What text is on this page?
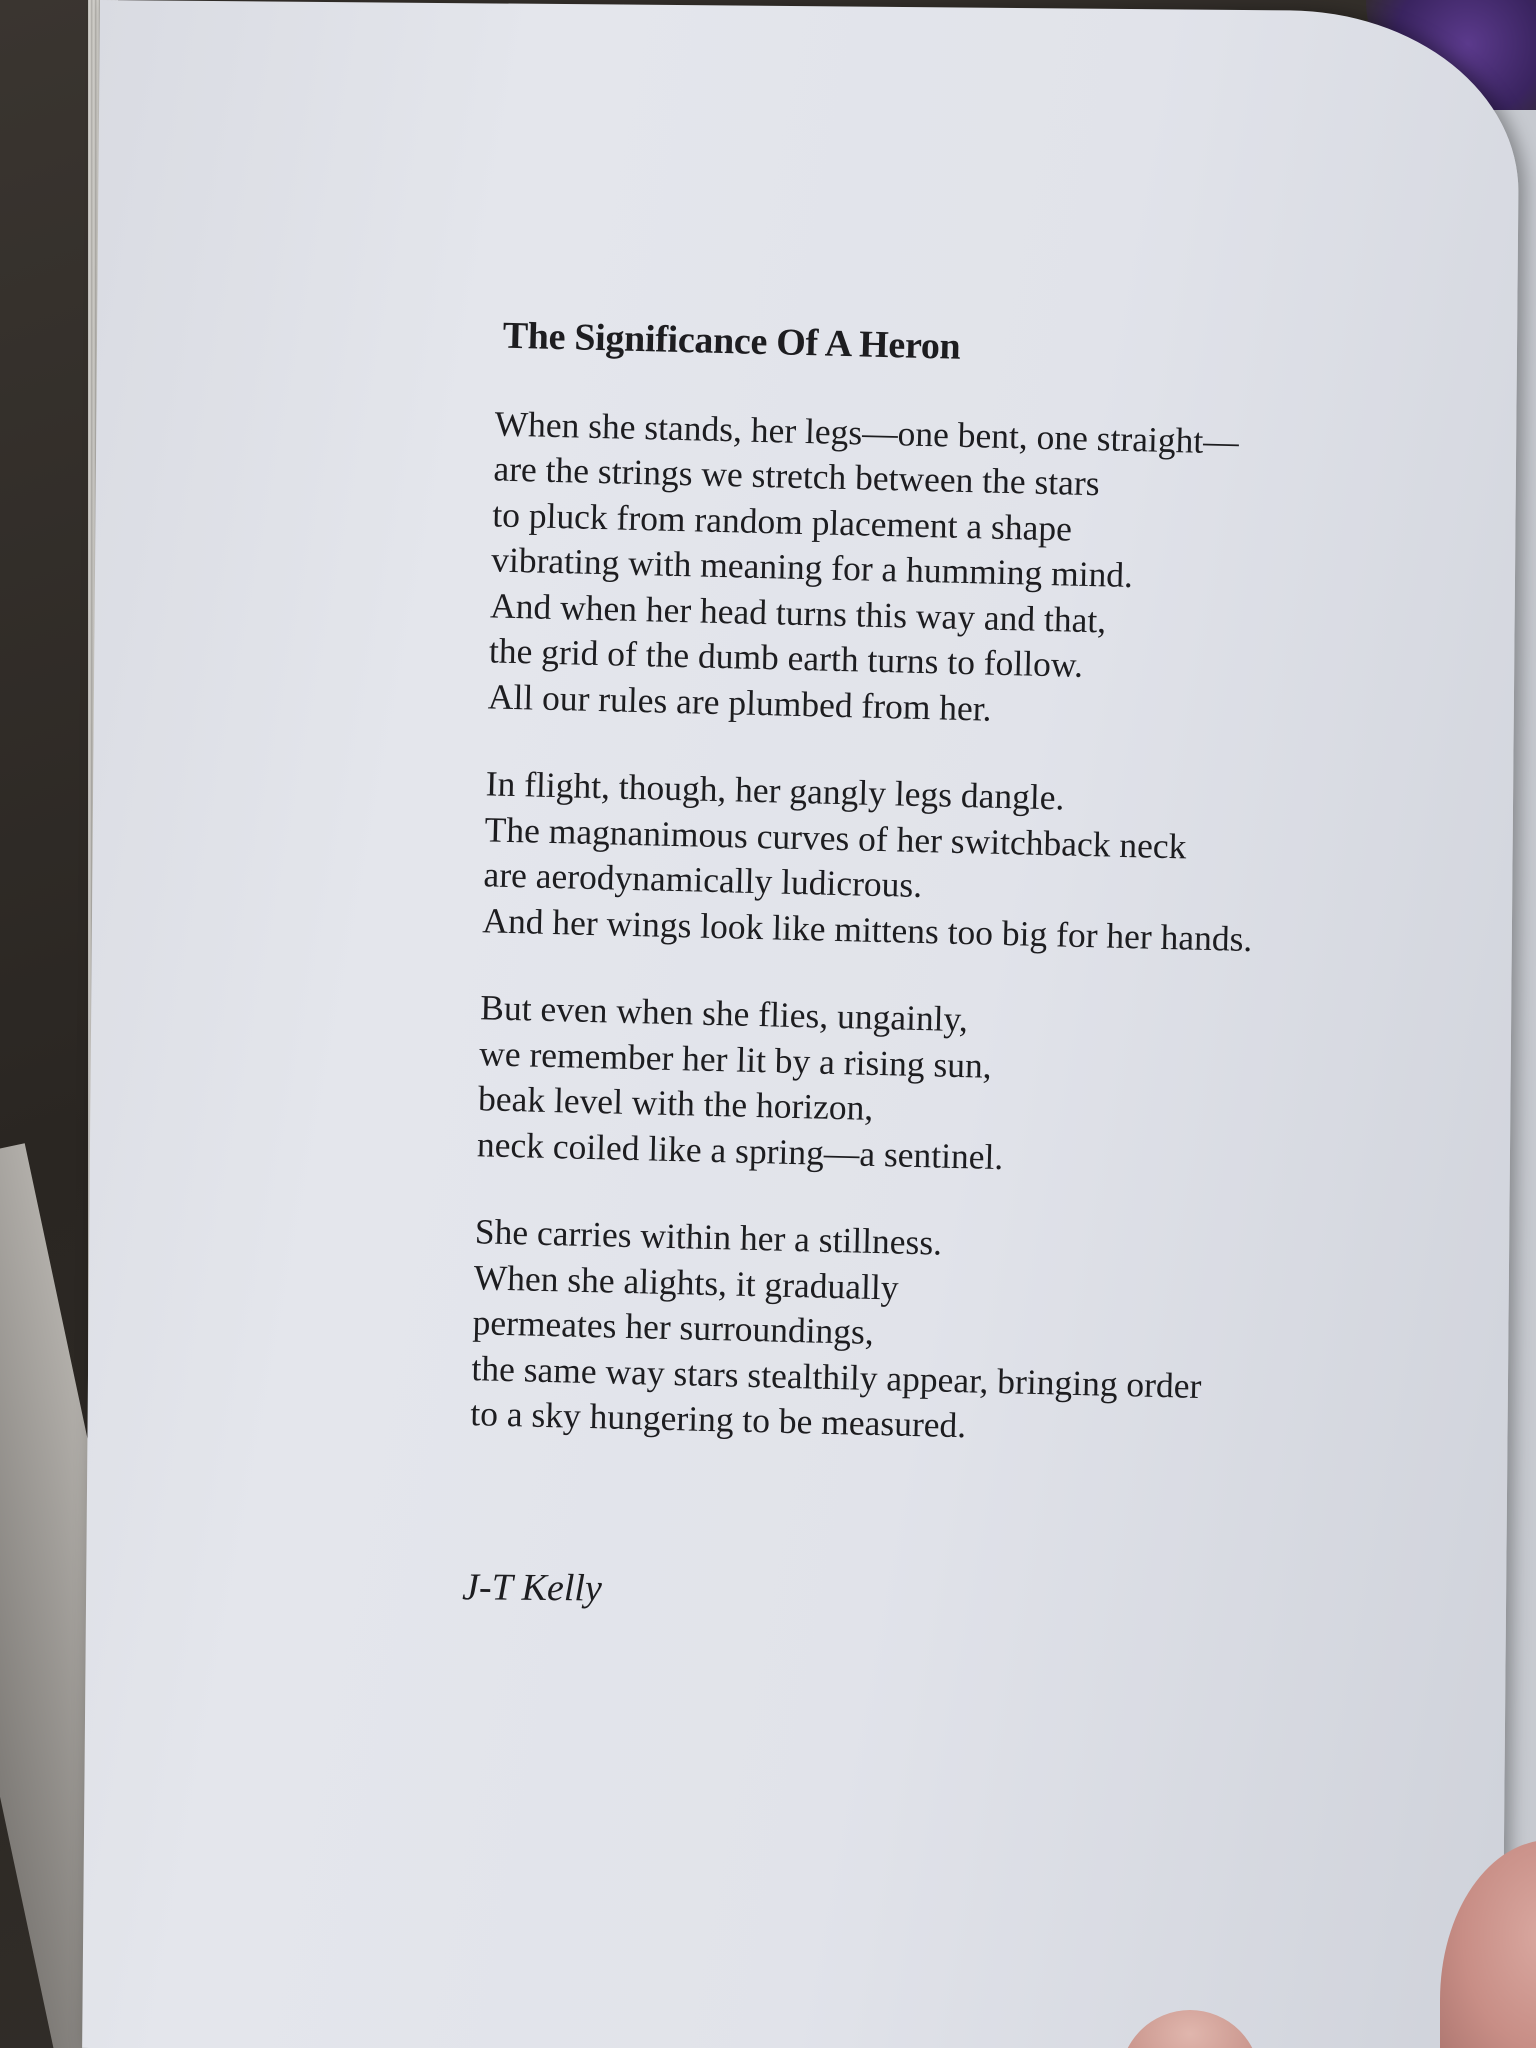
The Significance Of A Heron
When she stands, her legs—one bent, one straight—
are the strings we stretch between the stars
to pluck from random placement a shape
vibrating with meaning for a humming mind.
And when her head turns this way and that,
the grid of the dumb earth turns to follow.
All our rules are plumbed from her.
In flight, though, her gangly legs dangle.
The magnanimous curves of her switchback neck
are aerodynamically ludicrous.
And her wings look like mittens too big for her hands.
But even when she flies, ungainly,
we remember her lit by a rising sun,
beak level with the horizon,
neck coiled like a spring—a sentinel.
She carries within her a stillness.
When she alights, it gradually
permeates her surroundings,
the same way stars stealthily appear, bringing order
to a sky hungering to be measured.
J-T Kelly
